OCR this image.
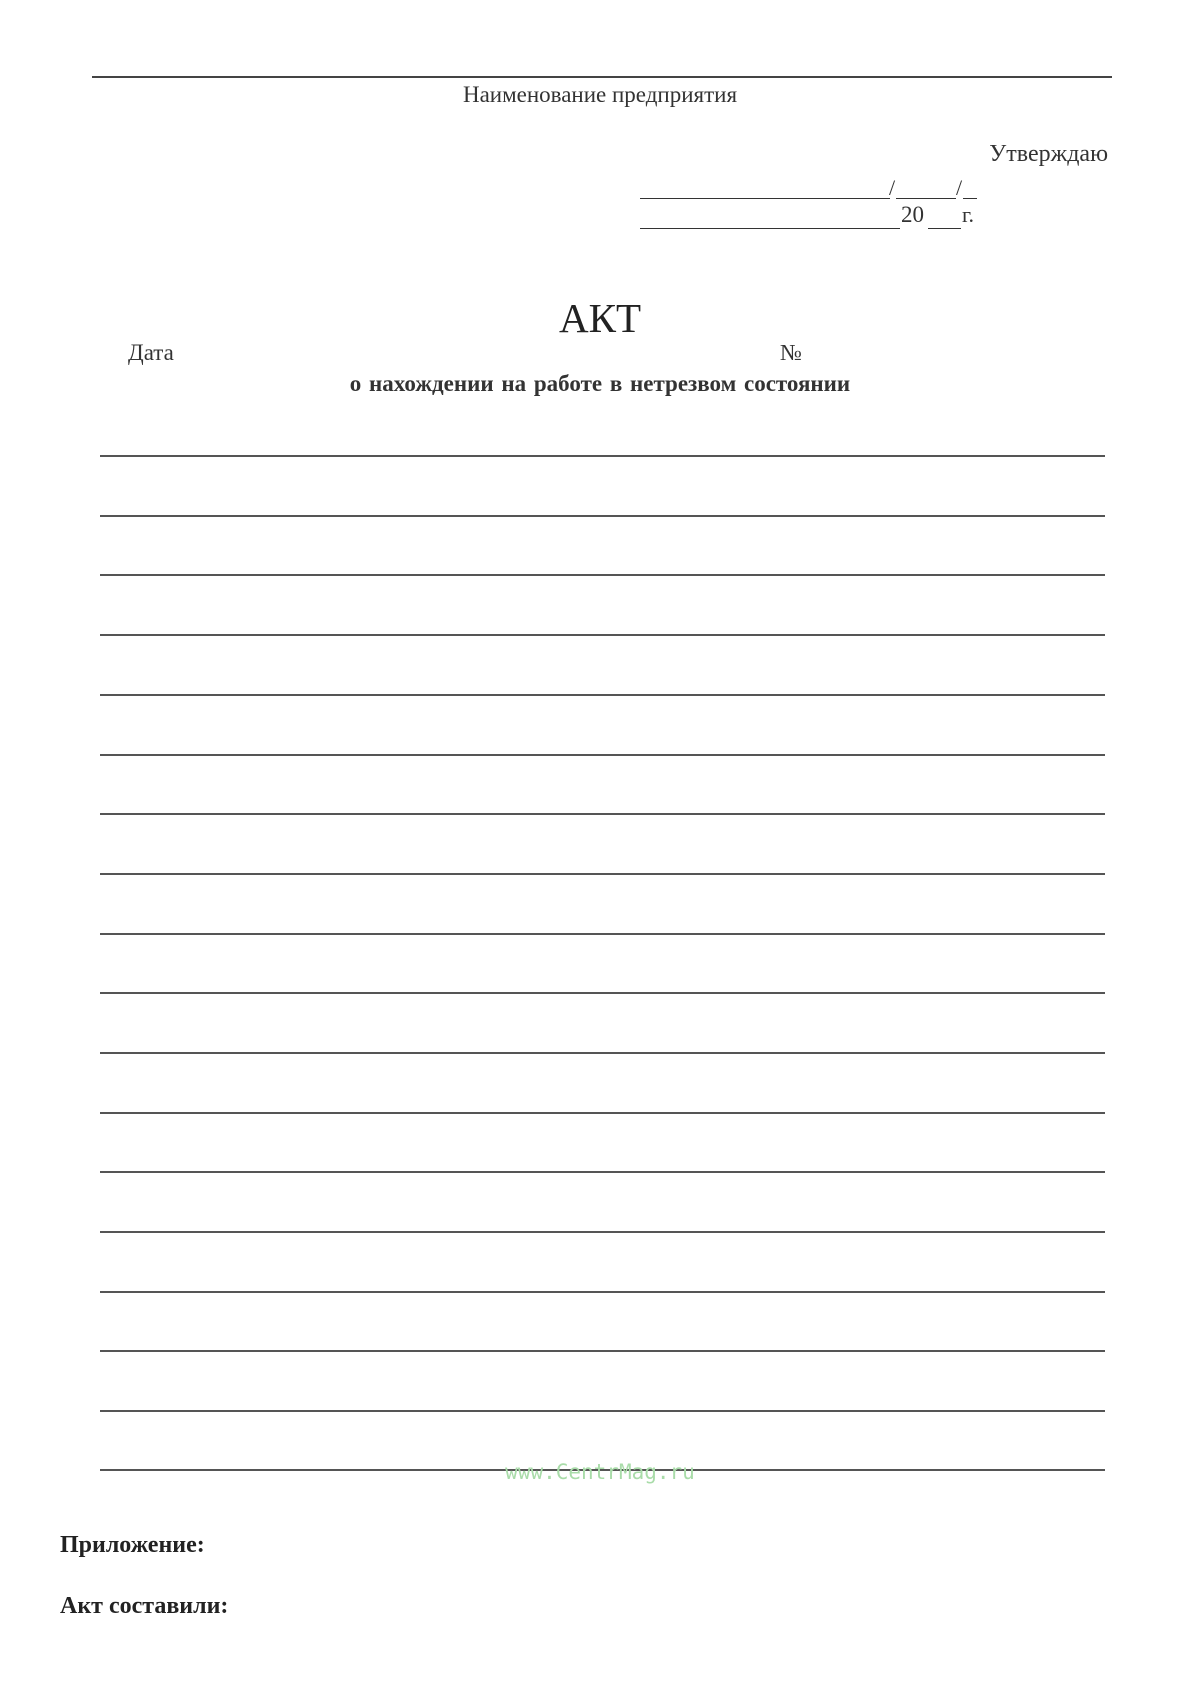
Наименование предприятия
Утверждаю
/	/
20 г.
АКТ
Дата	№
о нахождении на работе в нетрезвом состоянии
www.CentrMag.ru
Приложение:
Акт составили:
